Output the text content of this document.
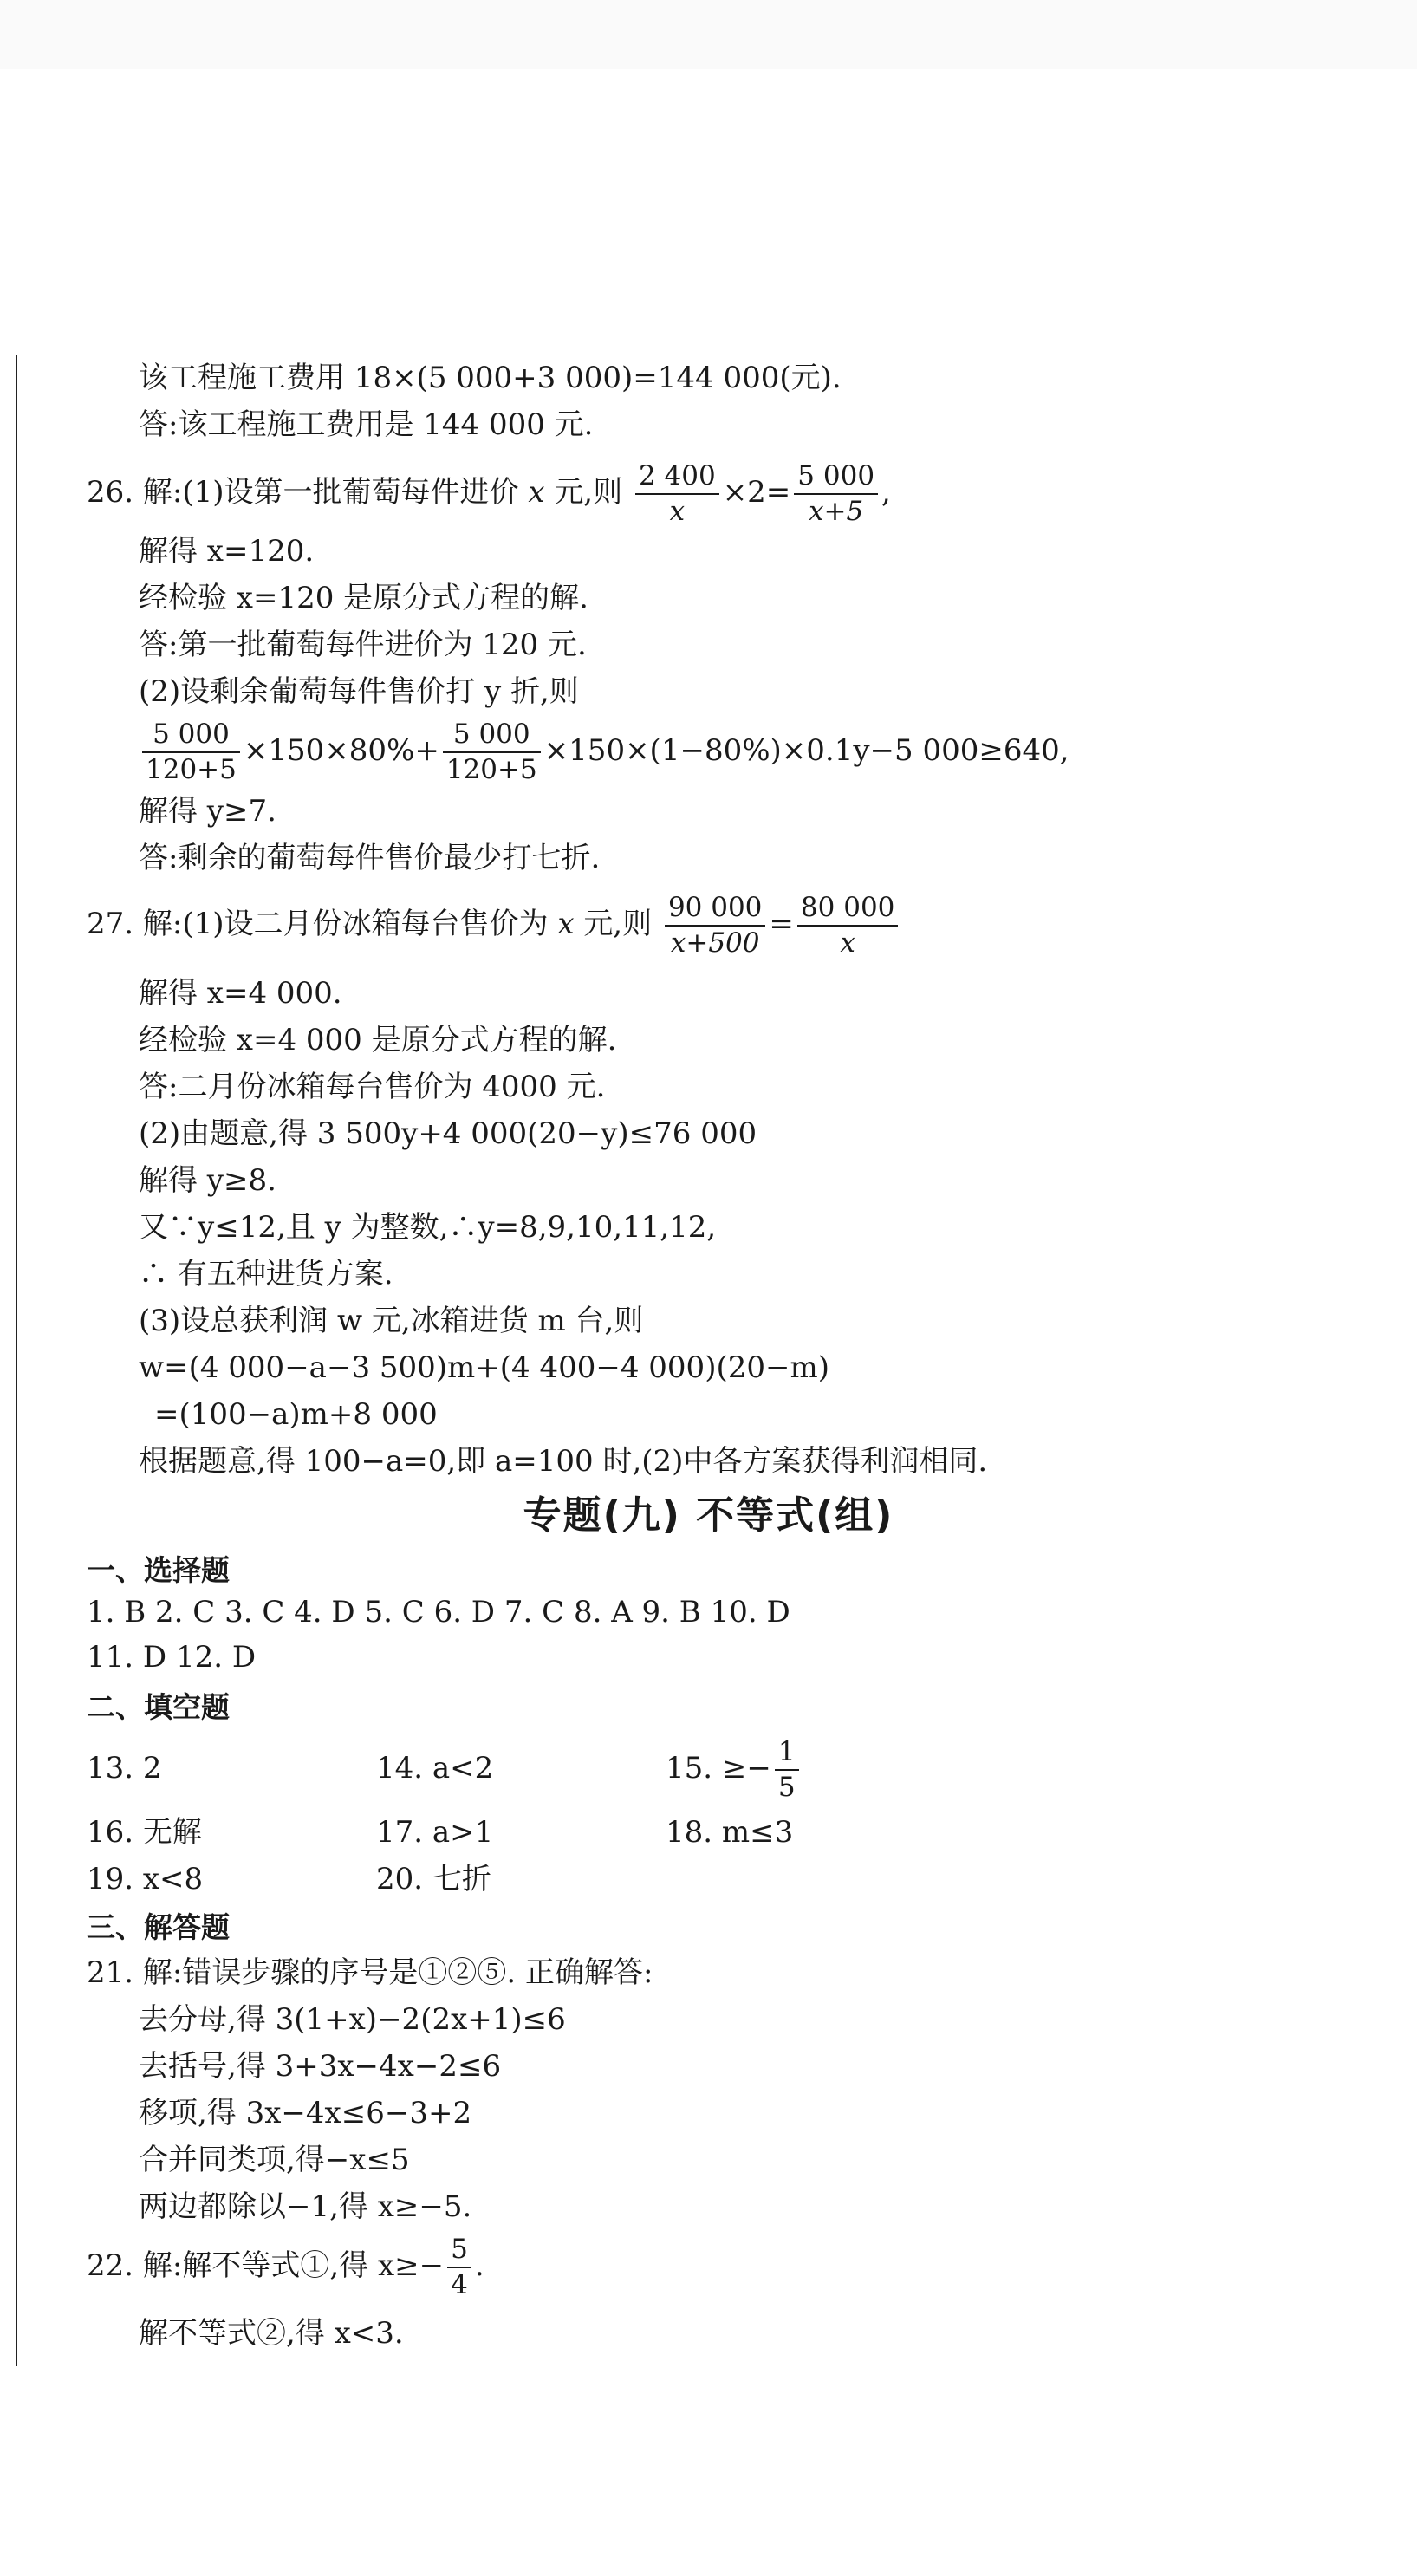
该工程施工费用 18×(5 000+3 000)=144 000(元).
答:该工程施工费用是 144 000 元.
26. 解:(1)设第一批葡萄每件进价 x 元,则 $\frac{2 400}{x} \times 2= \frac{5 000}{x+5}$ ,
解得 x=120.
经检验 x=120 是原分式方程的解.
答:第一批葡萄每件进价为 120 元.
(2)设剩余葡萄每件售价打 y 折,则
$\frac{5 000}{120+5} \times 150\times 80\%+ \frac{5 000}{120+5} \times 150\times(1-80\%)\times 0.1y-5$ 000≥640,
解得 y≥7.
答:剩余的葡萄每件售价最少打七折.
27. 解:(1)设二月份冰箱每台售价为 x 元,则 $\frac{90 000}{x+500} = \frac{80 000}{x}$
解得 x=4 000.
经检验 x=4 000 是原分式方程的解.
答:二月份冰箱每台售价为 4000 元.
(2)由题意,得 3 500y+4 000(20−y)≤76 000
解得 y≥8.
又∵y≤12,且 y 为整数,∴y=8,9,10,11,12,
∴ 有五种进货方案.
(3)设总获利润 w 元,冰箱进货 m 台,则
w=(4 000−a−3 500)m+(4 400−4 000)(20−m)
=(100−a)m+8 000
根据题意,得 100−a=0,即 a=100 时,(2)中各方案获得利润相同.
专题(九) 不等式(组)
一、选择题
1. B 2. C 3. C 4. D 5. C 6. D 7. C 8. A 9. B 10. D
11. D 12. D
二、填空题
13. 2	14. a<2	15. ≥− $\frac{1}{5}$
16. 无解	17. a>1	18. m≤3
19. x<8	20. 七折
三、解答题
21. 解:错误步骤的序号是①②⑤. 正确解答:
去分母,得 3(1+x)−2(2x+1)≤6
去括号,得 3+3x−4x−2≤6
移项,得 3x−4x≤6−3+2
合并同类项,得−x≤5
两边都除以−1,得 x≥−5.
22. 解:解不等式①,得 $x\ge- \frac{5}{4}$ .
解不等式②,得 x<3.
